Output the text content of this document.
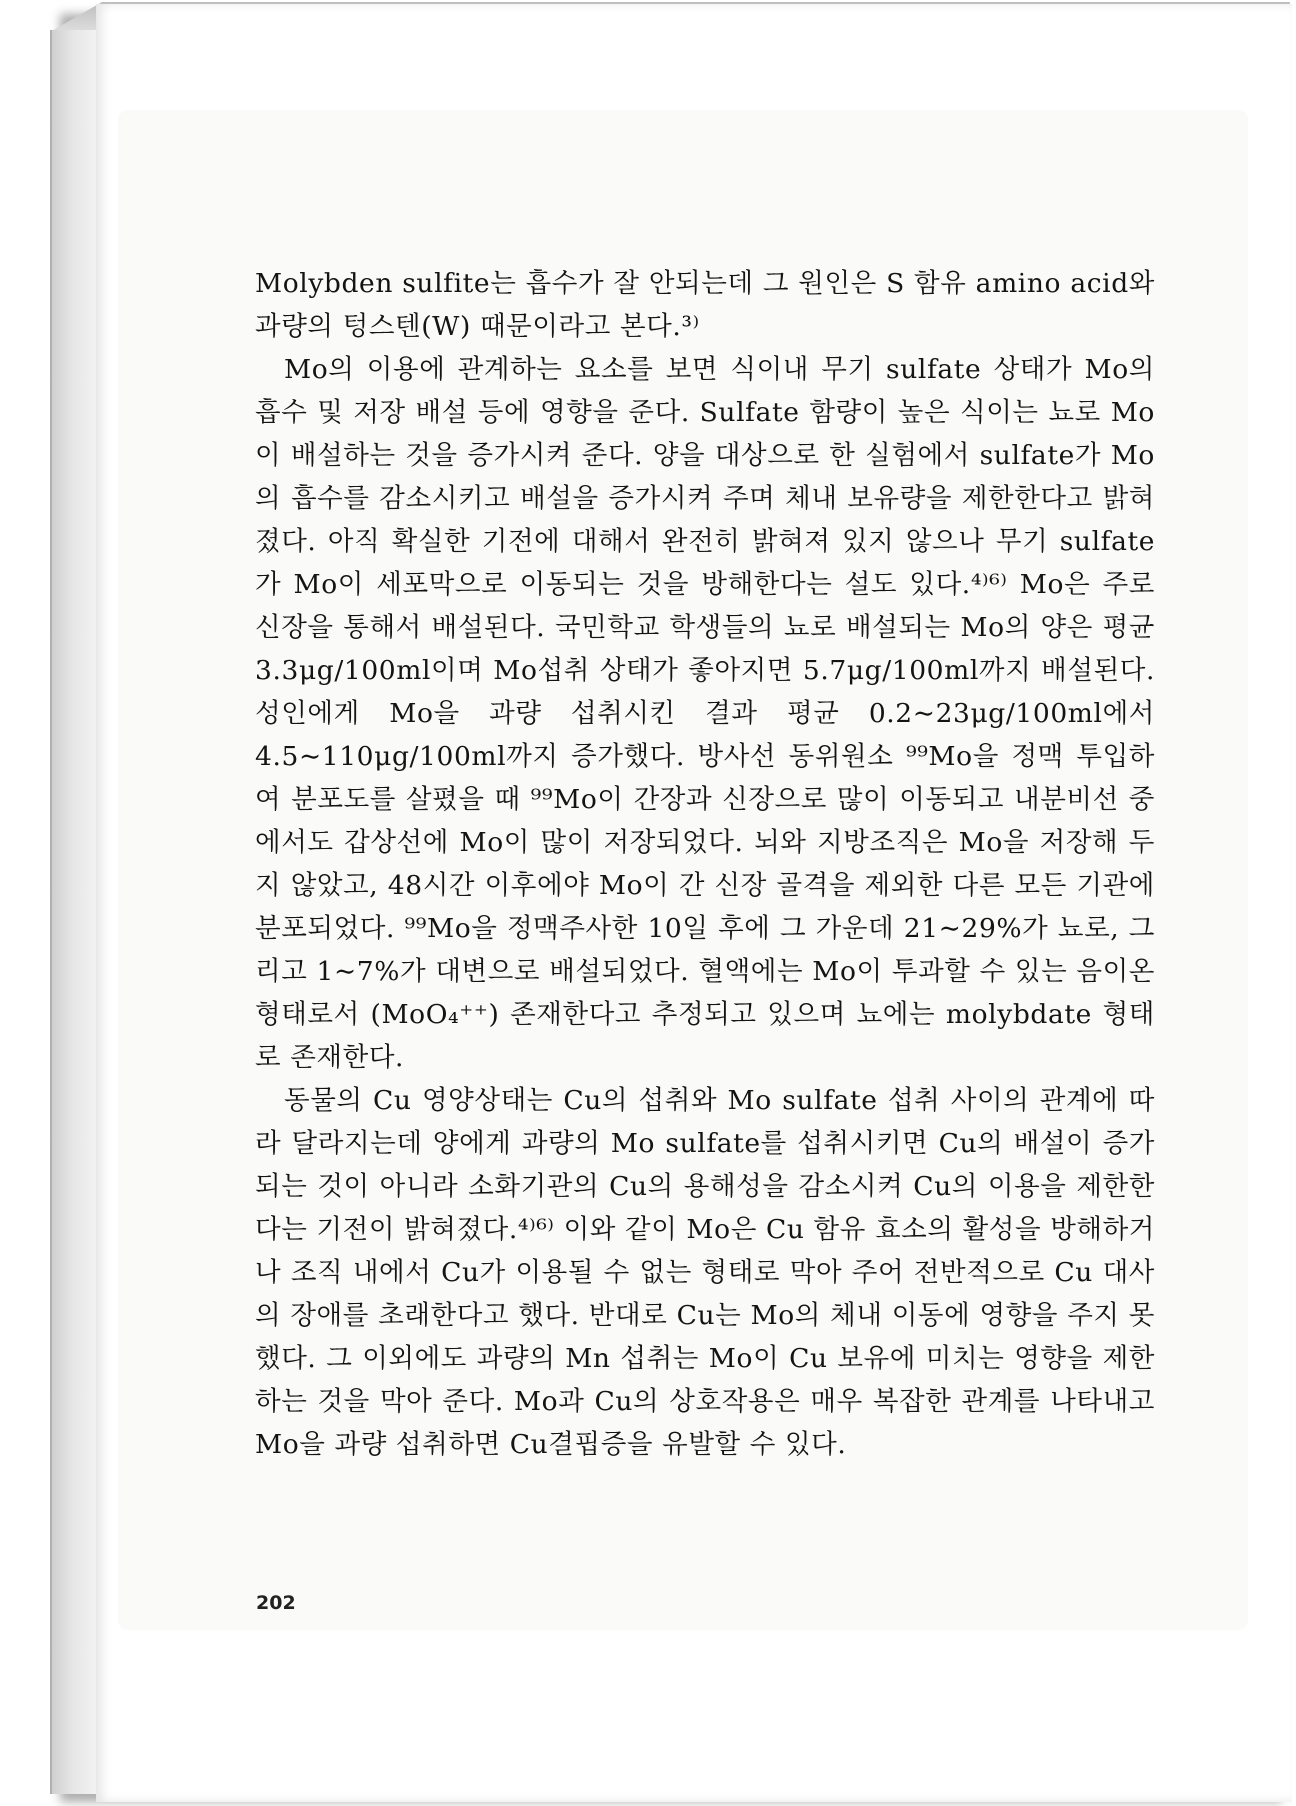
Molybden sulfite는 흡수가 잘 안되는데 그 원인은 S 함유 amino acid와 과량의 텅스텐(W) 때문이라고 본다.³⁾

Mo의 이용에 관계하는 요소를 보면 식이내 무기 sulfate 상태가 Mo의 흡수 및 저장 배설 등에 영향을 준다. Sulfate 함량이 높은 식이는 뇨로 Mo이 배설하는 것을 증가시켜 준다. 양을 대상으로 한 실험에서 sulfate가 Mo의 흡수를 감소시키고 배설을 증가시켜 주며 체내 보유량을 제한한다고 밝혀졌다. 아직 확실한 기전에 대해서 완전히 밝혀져 있지 않으나 무기 sulfate가 Mo이 세포막으로 이동되는 것을 방해한다는 설도 있다.⁴⁾⁶⁾ Mo은 주로 신장을 통해서 배설된다. 국민학교 학생들의 뇨로 배설되는 Mo의 양은 평균 3.3μg/100ml이며 Mo섭취 상태가 좋아지면 5.7μg/100ml까지 배설된다. 성인에게 Mo을 과량 섭취시킨 결과 평균 0.2∼23μg/100ml에서 4.5∼110μg/100ml까지 증가했다. 방사선 동위원소 ⁹⁹Mo을 정맥 투입하여 분포도를 살폈을 때 ⁹⁹Mo이 간장과 신장으로 많이 이동되고 내분비선 중에서도 갑상선에 Mo이 많이 저장되었다. 뇌와 지방조직은 Mo을 저장해 두지 않았고, 48시간 이후에야 Mo이 간 신장 골격을 제외한 다른 모든 기관에 분포되었다. ⁹⁹Mo을 정맥주사한 10일 후에 그 가운데 21∼29%가 뇨로, 그리고 1∼7%가 대변으로 배설되었다. 혈액에는 Mo이 투과할 수 있는 음이온형태로서 (MoO₄⁺⁺) 존재한다고 추정되고 있으며 뇨에는 molybdate 형태로 존재한다.

동물의 Cu 영양상태는 Cu의 섭취와 Mo sulfate 섭취 사이의 관계에 따라 달라지는데 양에게 과량의 Mo sulfate를 섭취시키면 Cu의 배설이 증가되는 것이 아니라 소화기관의 Cu의 용해성을 감소시켜 Cu의 이용을 제한한다는 기전이 밝혀졌다.⁴⁾⁶⁾ 이와 같이 Mo은 Cu 함유 효소의 활성을 방해하거나 조직 내에서 Cu가 이용될 수 없는 형태로 막아 주어 전반적으로 Cu 대사의 장애를 초래한다고 했다. 반대로 Cu는 Mo의 체내 이동에 영향을 주지 못했다. 그 이외에도 과량의 Mn 섭취는 Mo이 Cu 보유에 미치는 영향을 제한하는 것을 막아 준다. Mo과 Cu의 상호작용은 매우 복잡한 관계를 나타내고 Mo을 과량 섭취하면 Cu결핍증을 유발할 수 있다.

202
